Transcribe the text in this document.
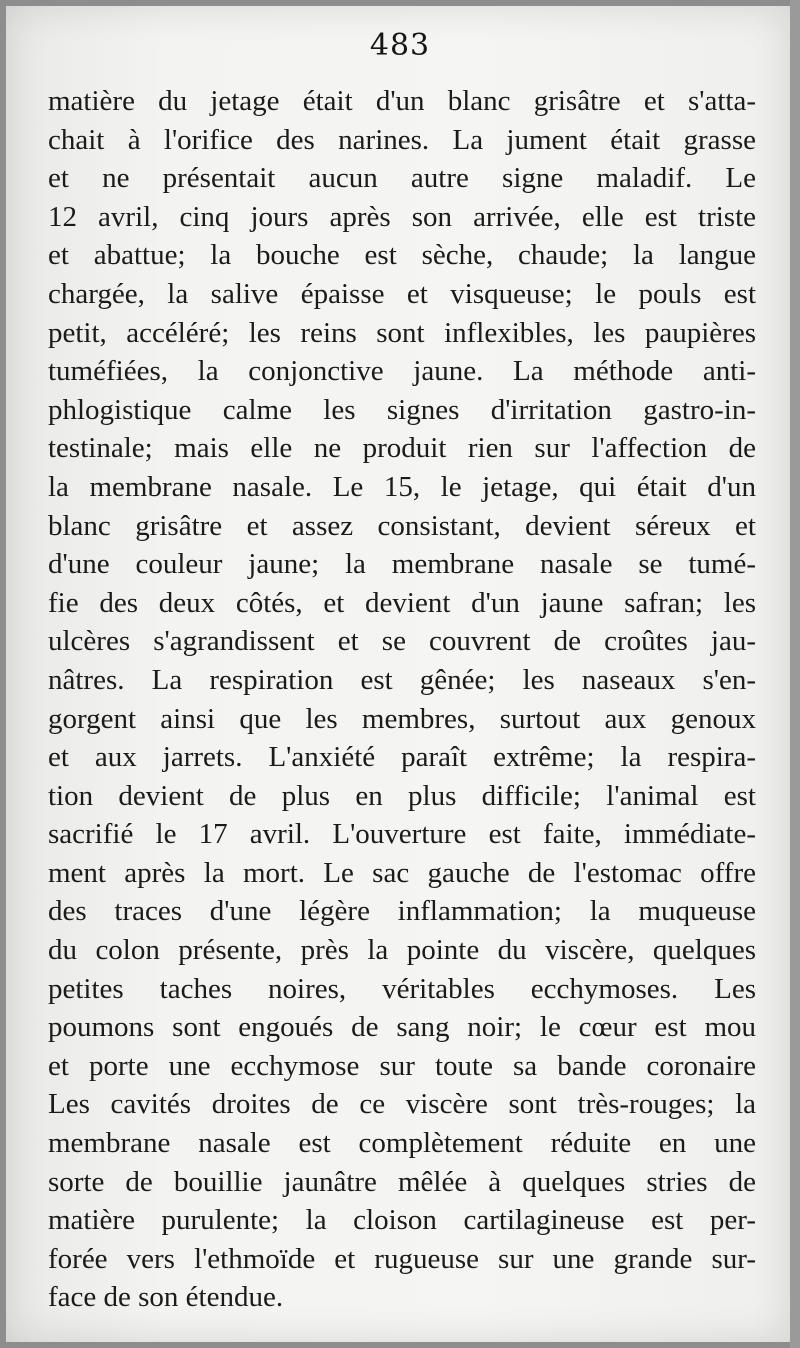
483
matière du jetage était d'un blanc grisâtre et s'atta-
chait à l'orifice des narines. La jument était grasse
et ne présentait aucun autre signe maladif. Le
12 avril, cinq jours après son arrivée, elle est triste
et abattue; la bouche est sèche, chaude; la langue
chargée, la salive épaisse et visqueuse; le pouls est
petit, accéléré; les reins sont inflexibles, les paupières
tuméfiées, la conjonctive jaune. La méthode anti-
phlogistique calme les signes d'irritation gastro-in-
testinale; mais elle ne produit rien sur l'affection de
la membrane nasale. Le 15, le jetage, qui était d'un
blanc grisâtre et assez consistant, devient séreux et
d'une couleur jaune; la membrane nasale se tumé-
fie des deux côtés, et devient d'un jaune safran; les
ulcères s'agrandissent et se couvrent de croûtes jau-
nâtres. La respiration est gênée; les naseaux s'en-
gorgent ainsi que les membres, surtout aux genoux
et aux jarrets. L'anxiété paraît extrême; la respira-
tion devient de plus en plus difficile; l'animal est
sacrifié le 17 avril. L'ouverture est faite, immédiate-
ment après la mort. Le sac gauche de l'estomac offre
des traces d'une légère inflammation; la muqueuse
du colon présente, près la pointe du viscère, quelques
petites taches noires, véritables ecchymoses. Les
poumons sont engoués de sang noir; le cœur est mou
et porte une ecchymose sur toute sa bande coronaire
Les cavités droites de ce viscère sont très-rouges; la
membrane nasale est complètement réduite en une
sorte de bouillie jaunâtre mêlée à quelques stries de
matière purulente; la cloison cartilagineuse est per-
forée vers l'ethmoïde et rugueuse sur une grande sur-
face de son étendue.
